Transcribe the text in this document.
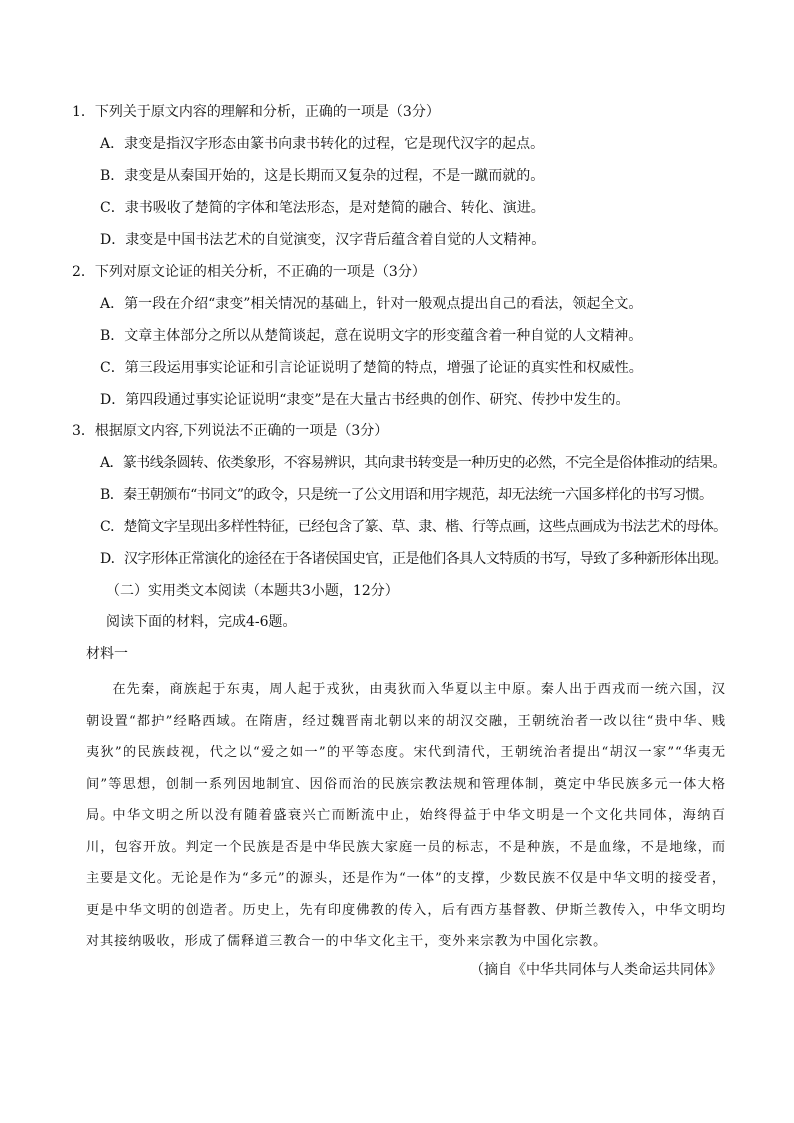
1．下列关于原文内容的理解和分析，正确的一项是（3分）
A．隶变是指汉字形态由篆书向隶书转化的过程，它是现代汉字的起点。
B．隶变是从秦国开始的，这是长期而又复杂的过程，不是一蹴而就的。
C．隶书吸收了楚简的字体和笔法形态，是对楚简的融合、转化、演进。
D．隶变是中国书法艺术的自觉演变，汉字背后蕴含着自觉的人文精神。
2．下列对原文论证的相关分析，不正确的一项是（3分）
A．第一段在介绍“隶变”相关情况的基础上，针对一般观点提出自己的看法，领起全文。
B．文章主体部分之所以从楚简谈起，意在说明文字的形变蕴含着一种自觉的人文精神。
C．第三段运用事实论证和引言论证说明了楚简的特点，增强了论证的真实性和权威性。
D．第四段通过事实论证说明“隶变”是在大量古书经典的创作、研究、传抄中发生的。
3．根据原文内容,下列说法不正确的一项是（3分）
A．篆书线条圆转、依类象形，不容易辨识，其向隶书转变是一种历史的必然，不完全是俗体推动的结果。
B．秦王朝颁布“书同文”的政令，只是统一了公文用语和用字规范，却无法统一六国多样化的书写习惯。
C．楚简文字呈现出多样性特征，已经包含了篆、草、隶、楷、行等点画，这些点画成为书法艺术的母体。
D．汉字形体正常演化的途径在于各诸侯国史官，正是他们各具人文特质的书写，导致了多种新形体出现。
（二）实用类文本阅读（本题共3小题，12分）
阅读下面的材料，完成4-6题。
材料一
在先秦，商族起于东夷，周人起于戎狄，由夷狄而入华夏以主中原。秦人出于西戎而一统六国，汉朝设置“都护”经略西域。在隋唐，经过魏晋南北朝以来的胡汉交融，王朝统治者一改以往“贵中华、贱夷狄”的民族歧视，代之以“爱之如一”的平等态度。宋代到清代，王朝统治者提出“胡汉一家”“华夷无间”等思想，创制一系列因地制宜、因俗而治的民族宗教法规和管理体制，奠定中华民族多元一体大格局。
中华文明之所以没有随着盛衰兴亡而断流中止，始终得益于中华文明是一个文化共同体，海纳百川，包容开放。判定一个民族是否是中华民族大家庭一员的标志，不是种族，不是血缘，不是地缘，而主要是文化。无论是作为“多元”的源头，还是作为“一体”的支撑，少数民族不仅是中华文明的接受者，更是中华文明的创造者。历史上，先有印度佛教的传入，后有西方基督教、伊斯兰教传入，中华文明均对其接纳吸收，形成了儒释道三教合一的中华文化主干，变外来宗教为中国化宗教。
（摘自《中华共同体与人类命运共同体》
